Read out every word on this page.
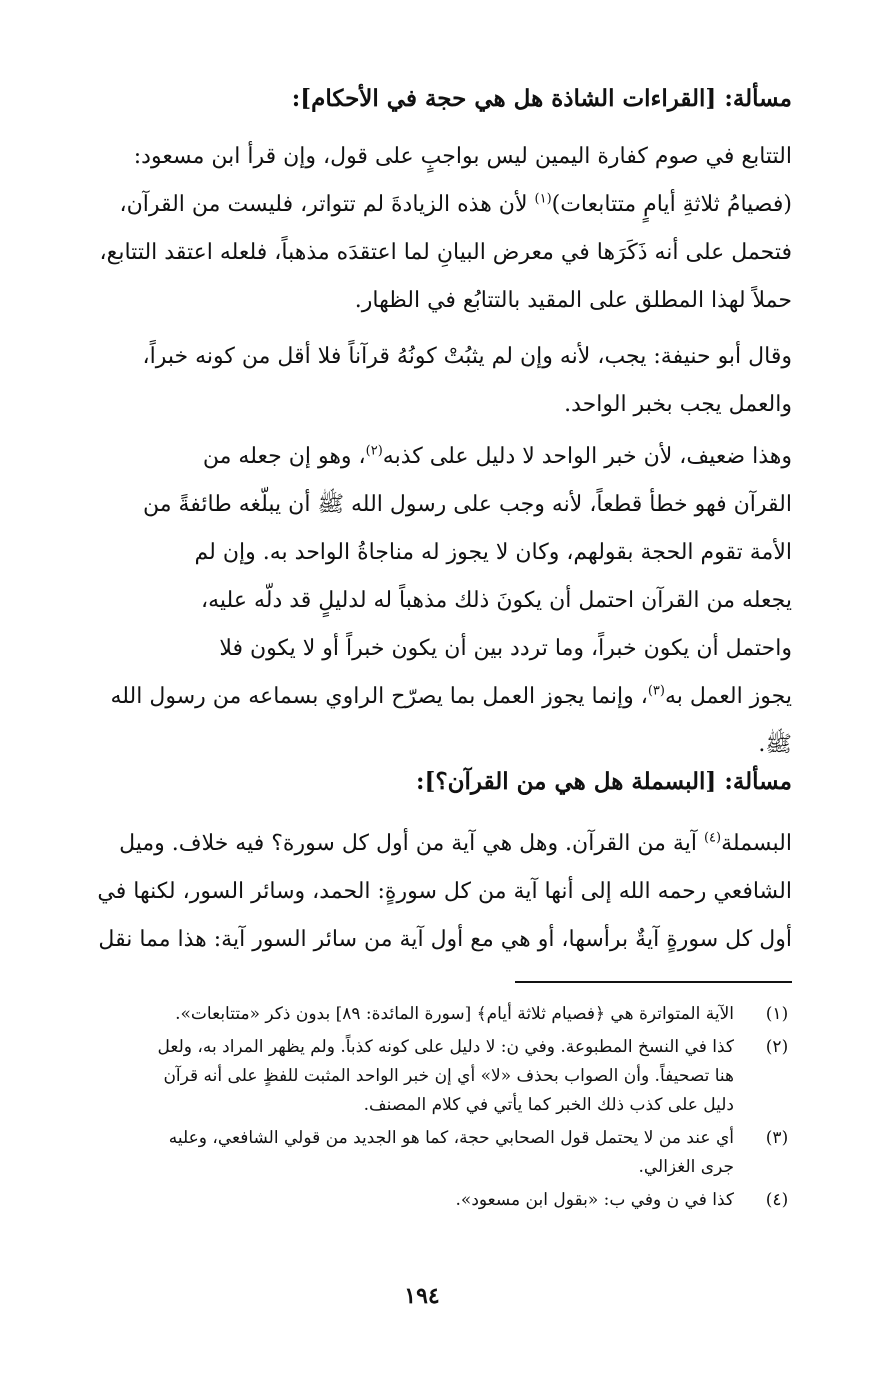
مسألة: [القراءات الشاذة هل هي حجة في الأحكام]:
التتابع في صوم كفارة اليمين ليس بواجبٍ على قول، وإن قرأ ابن مسعود:
(فصيامُ ثلاثةِ أيامٍ متتابعات)$^{(١)}$ لأن هذه الزيادةَ لم تتواتر، فليست من القرآن،
فتحمل على أنه ذَكَرَها في معرض البيانِ لما اعتقدَه مذهباً، فلعله اعتقد التتابع،
حملاً لهذا المطلق على المقيد بالتتابُع في الظهار.
وقال أبو حنيفة: يجب، لأنه وإن لم يثبُتْ كونُهُ قرآناً فلا أقل من كونه خبراً،
والعمل يجب بخبر الواحد.
وهذا ضعيف، لأن خبر الواحد لا دليل على كذبه$^{(٢)}$، وهو إن جعله من
القرآن فهو خطأ قطعاً، لأنه وجب على رسول الله ﷺ أن يبلّغه طائفةً من
الأمة تقوم الحجة بقولهم، وكان لا يجوز له مناجاةُ الواحد به. وإن لم
يجعله من القرآن احتمل أن يكونَ ذلك مذهباً له لدليلٍ قد دلّه عليه،
واحتمل أن يكون خبراً، وما تردد بين أن يكون خبراً أو لا يكون فلا
يجوز العمل به$^{(٣)}$، وإنما يجوز العمل بما يصرّح الراوي بسماعه من رسول الله
ﷺ.
مسألة: [البسملة هل هي من القرآن؟]:
البسملة$^{(٤)}$ آية من القرآن. وهل هي آية من أول كل سورة؟ فيه خلاف. وميل
الشافعي رحمه الله إلى أنها آية من كل سورةٍ: الحمد، وسائر السور، لكنها في
أول كل سورةٍ آيةٌ برأسها، أو هي مع أول آية من سائر السور آية: هذا مما نقل
(١)
الآية المتواترة هي ﴿فصيام ثلاثة أيام﴾ [سورة المائدة: ٨٩] بدون ذكر «متتابعات».
(٢)
كذا في النسخ المطبوعة. وفي ن: لا دليل على كونه كذباً. ولم يظهر المراد به، ولعل
هنا تصحيفاً. وأن الصواب بحذف «لا» أي إن خبر الواحد المثبت للفظٍ على أنه قرآن
دليل على كذب ذلك الخبر كما يأتي في كلام المصنف.
(٣)
أي عند من لا يحتمل قول الصحابي حجة، كما هو الجديد من قولي الشافعي، وعليه
جرى الغزالي.
(٤)
كذا في ن وفي ب: «بقول ابن مسعود».
١٩٤
